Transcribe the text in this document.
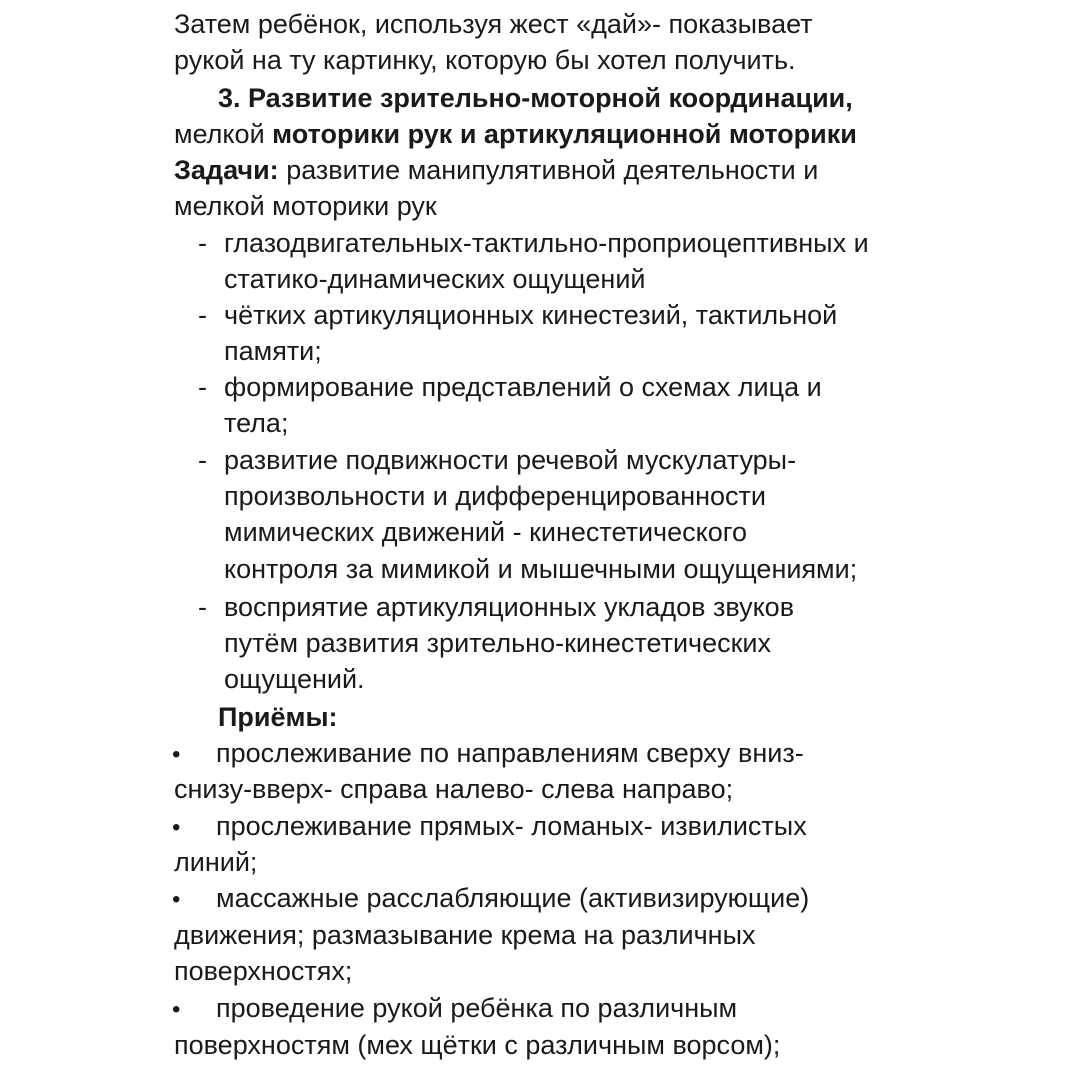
Затем ребёнок, используя жест «дай»- показывает
рукой на ту картинку, которую бы хотел получить.
3. Развитие зрительно-моторной координации,
мелкой моторики рук и артикуляционной моторики
Задачи: развитие манипулятивной деятельности и
мелкой моторики рук
- глазодвигательных-тактильно-проприоцептивных и
статико-динамических ощущений
- чётких артикуляционных кинестезий, тактильной
памяти;
- формирование представлений о схемах лица и
тела;
- развитие подвижности речевой мускулатуры-
произвольности и дифференцированности
мимических движений - кинестетического
контроля за мимикой и мышечными ощущениями;
- восприятие артикуляционных укладов звуков
путём развития зрительно-кинестетических
ощущений.
Приёмы:
• прослеживание по направлениям сверху вниз-
снизу-вверх- справа налево- слева направо;
• прослеживание прямых- ломаных- извилистых
линий;
• массажные расслабляющие (активизирующие)
движения; размазывание крема на различных
поверхностях;
• проведение рукой ребёнка по различным
поверхностям (мех щётки с различным ворсом);
